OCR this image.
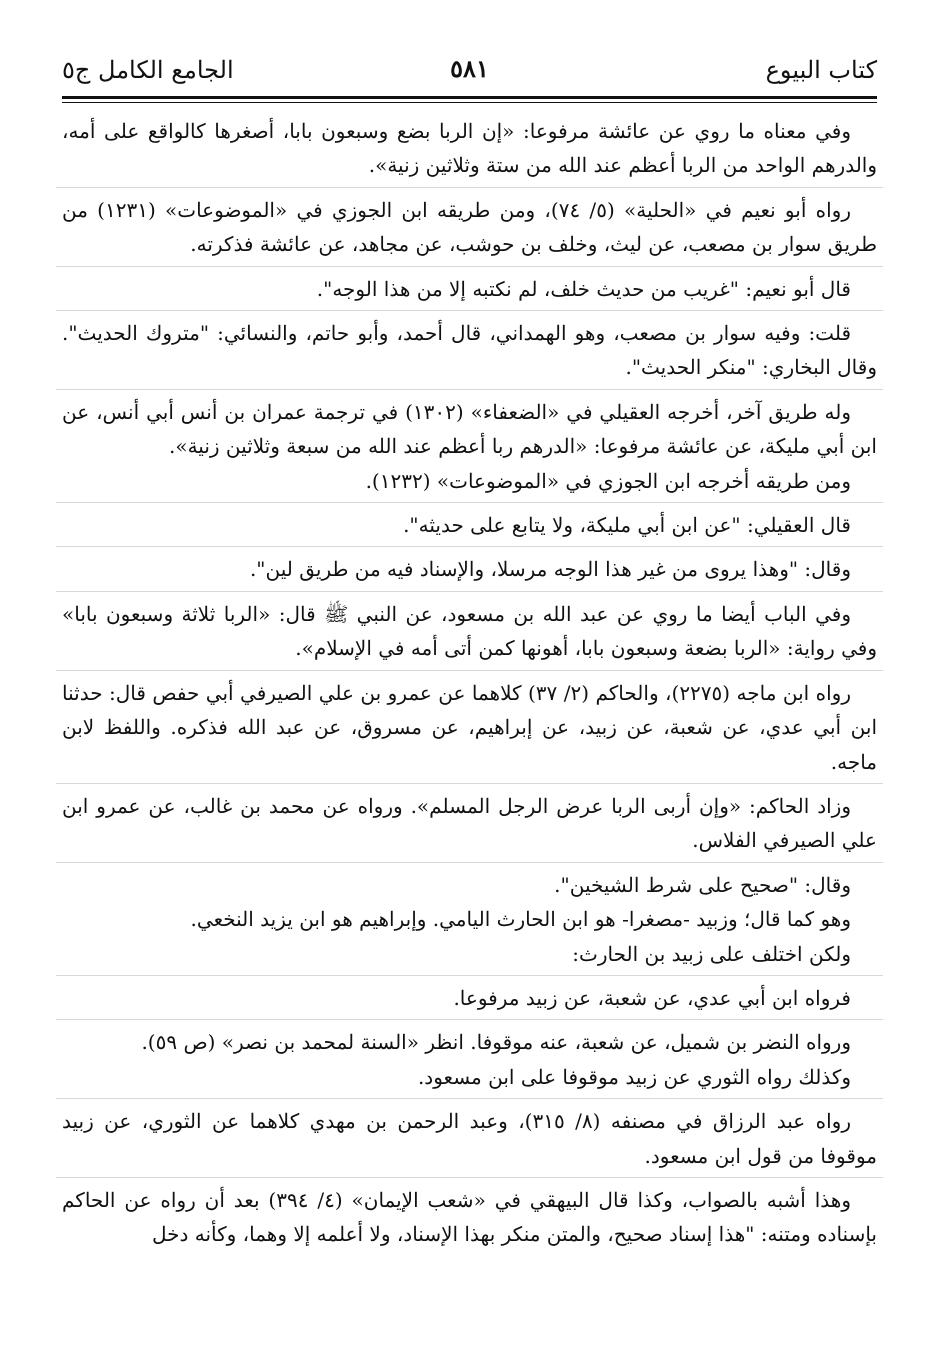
كتاب البيوع
٥٨١
الجامع الكامل ج٥

وفي معناه ما روي عن عائشة مرفوعا: «إن الربا بضع وسبعون بابا، أصغرها كالواقع على أمه، والدرهم الواحد من الربا أعظم عند الله من ستة وثلاثين زنية».

رواه أبو نعيم في «الحلية» (٥/ ٧٤)، ومن طريقه ابن الجوزي في «الموضوعات» (١٢٣١) من طريق سوار بن مصعب، عن ليث، وخلف بن حوشب، عن مجاهد، عن عائشة فذكرته.

قال أبو نعيم: "غريب من حديث خلف، لم نكتبه إلا من هذا الوجه".

قلت: وفيه سوار بن مصعب، وهو الهمداني، قال أحمد، وأبو حاتم، والنسائي: "متروك الحديث". وقال البخاري: "منكر الحديث".

وله طريق آخر، أخرجه العقيلي في «الضعفاء» (١٣٠٢) في ترجمة عمران بن أنس أبي أنس، عن ابن أبي مليكة، عن عائشة مرفوعا: «الدرهم ربا أعظم عند الله من سبعة وثلاثين زنية».

ومن طريقه أخرجه ابن الجوزي في «الموضوعات» (١٢٣٢).

قال العقيلي: "عن ابن أبي مليكة، ولا يتابع على حديثه".

وقال: "وهذا يروى من غير هذا الوجه مرسلا، والإسناد فيه من طريق لين".

وفي الباب أيضا ما روي عن عبد الله بن مسعود، عن النبي ﷺ قال: «الربا ثلاثة وسبعون بابا» وفي رواية: «الربا بضعة وسبعون بابا، أهونها كمن أتى أمه في الإسلام».

رواه ابن ماجه (٢٢٧٥)، والحاكم (٢/ ٣٧) كلاهما عن عمرو بن علي الصيرفي أبي حفص قال: حدثنا ابن أبي عدي، عن شعبة، عن زبيد، عن إبراهيم، عن مسروق، عن عبد الله فذكره. واللفظ لابن ماجه.

وزاد الحاكم: «وإن أربى الربا عرض الرجل المسلم». ورواه عن محمد بن غالب، عن عمرو ابن علي الصيرفي الفلاس.

وقال: "صحيح على شرط الشيخين".

وهو كما قال؛ وزبيد -مصغرا- هو ابن الحارث اليامي. وإبراهيم هو ابن يزيد النخعي.

ولكن اختلف على زبيد بن الحارث:

فرواه ابن أبي عدي، عن شعبة، عن زبيد مرفوعا.

ورواه النضر بن شميل، عن شعبة، عنه موقوفا. انظر «السنة لمحمد بن نصر» (ص ٥٩).

وكذلك رواه الثوري عن زبيد موقوفا على ابن مسعود.

رواه عبد الرزاق في مصنفه (٨/ ٣١٥)، وعبد الرحمن بن مهدي كلاهما عن الثوري، عن زبيد موقوفا من قول ابن مسعود.

وهذا أشبه بالصواب، وكذا قال البيهقي في «شعب الإيمان» (٤/ ٣٩٤) بعد أن رواه عن الحاكم بإسناده ومتنه: "هذا إسناد صحيح، والمتن منكر بهذا الإسناد، ولا أعلمه إلا وهما، وكأنه دخل
